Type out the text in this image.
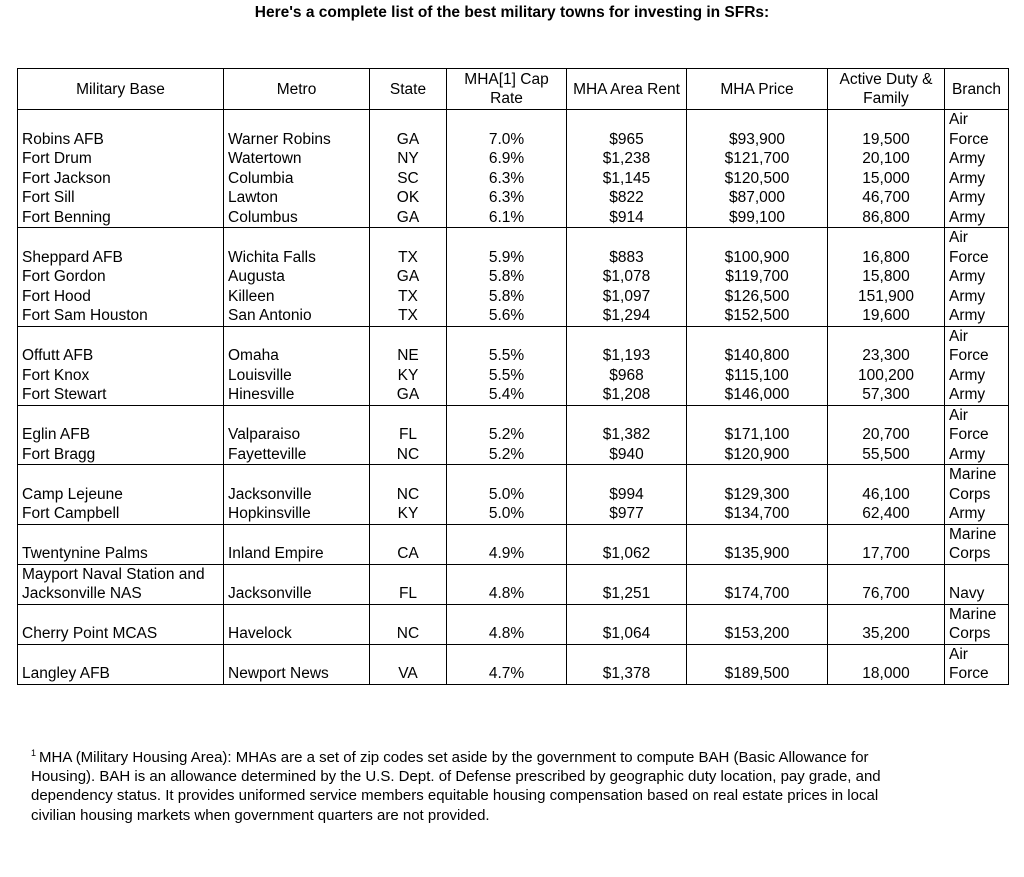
Here's a complete list of the best military towns for investing in SFRs:
Military Base	Metro	State	MHA[1] Cap Rate	MHA Area Rent	MHA Price	Active Duty & Family	Branch
Robins AFB	Warner Robins	GA	7.0%	$965	$93,900	19,500	Air Force
Fort Drum	Watertown	NY	6.9%	$1,238	$121,700	20,100	Army
Fort Jackson	Columbia	SC	6.3%	$1,145	$120,500	15,000	Army
Fort Sill	Lawton	OK	6.3%	$822	$87,000	46,700	Army
Fort Benning	Columbus	GA	6.1%	$914	$99,100	86,800	Army
Sheppard AFB	Wichita Falls	TX	5.9%	$883	$100,900	16,800	Air Force
Fort Gordon	Augusta	GA	5.8%	$1,078	$119,700	15,800	Army
Fort Hood	Killeen	TX	5.8%	$1,097	$126,500	151,900	Army
Fort Sam Houston	San Antonio	TX	5.6%	$1,294	$152,500	19,600	Army
Offutt AFB	Omaha	NE	5.5%	$1,193	$140,800	23,300	Air Force
Fort Knox	Louisville	KY	5.5%	$968	$115,100	100,200	Army
Fort Stewart	Hinesville	GA	5.4%	$1,208	$146,000	57,300	Army
Eglin AFB	Valparaiso	FL	5.2%	$1,382	$171,100	20,700	Air Force
Fort Bragg	Fayetteville	NC	5.2%	$940	$120,900	55,500	Army
Camp Lejeune	Jacksonville	NC	5.0%	$994	$129,300	46,100	Marine Corps
Fort Campbell	Hopkinsville	KY	5.0%	$977	$134,700	62,400	Army
Twentynine Palms	Inland Empire	CA	4.9%	$1,062	$135,900	17,700	Marine Corps
Mayport Naval Station and Jacksonville NAS	Jacksonville	FL	4.8%	$1,251	$174,700	76,700	Navy
Cherry Point MCAS	Havelock	NC	4.8%	$1,064	$153,200	35,200	Marine Corps
Langley AFB	Newport News	VA	4.7%	$1,378	$189,500	18,000	Air Force
$^1$ MHA (Military Housing Area): MHAs are a set of zip codes set aside by the government to compute BAH (Basic Allowance for Housing). BAH is an allowance determined by the U.S. Dept. of Defense prescribed by geographic duty location, pay grade, and dependency status. It provides uniformed service members equitable housing compensation based on real estate prices in local civilian housing markets when government quarters are not provided.
